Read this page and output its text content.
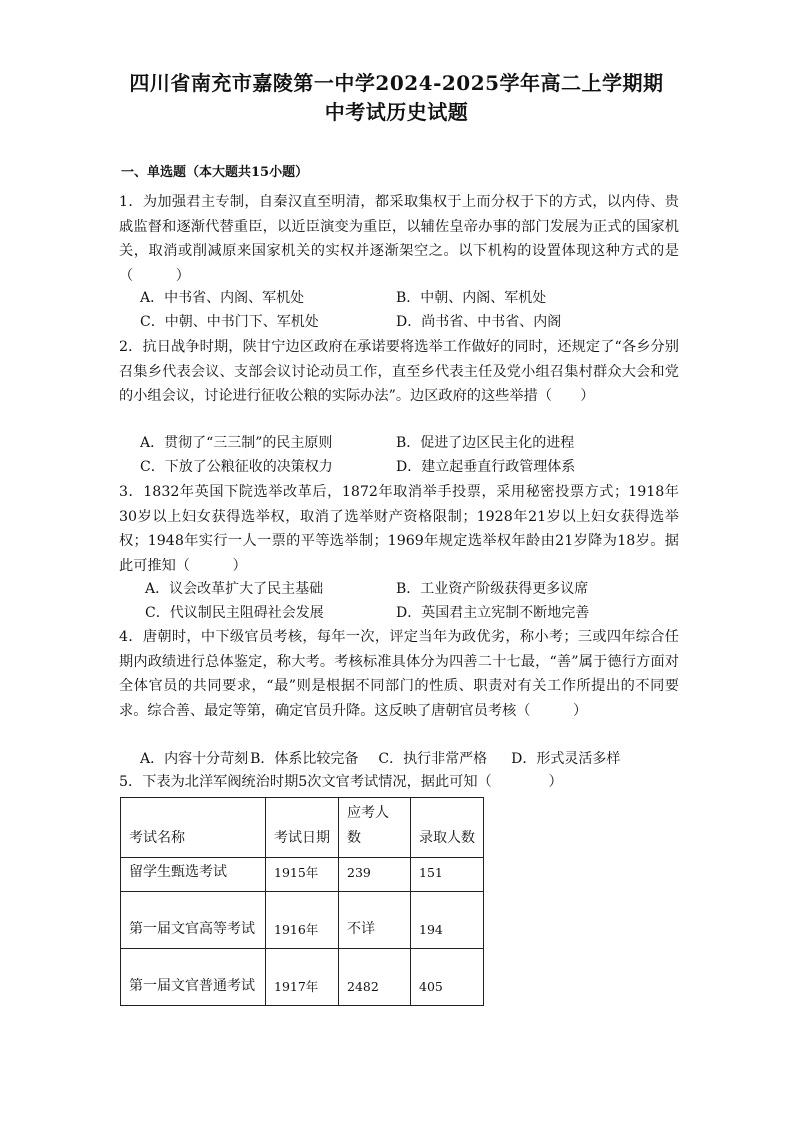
四川省南充市嘉陵第一中学2024-2025学年高二上学期期
中考试历史试题
一、单选题（本大题共15小题）

1．为加强君主专制，自秦汉直至明清，都采取集权于上而分权于下的方式，以内侍、贵戚监督和逐渐代替重臣，以近臣演变为重臣，以辅佐皇帝办事的部门发展为正式的国家机关，取消或削减原来国家机关的实权并逐渐架空之。以下机构的设置体现这种方式的是（　　　）

A．中书省、内阁、军机处	B．中朝、内阁、军机处
C．中朝、中书门下、军机处	D．尚书省、中书省、内阁

2．抗日战争时期，陕甘宁边区政府在承诺要将选举工作做好的同时，还规定了“各乡分别召集乡代表会议、支部会议讨论动员工作，直至乡代表主任及党小组召集村群众大会和党的小组会议，讨论进行征收公粮的实际办法”。边区政府的这些举措（　　）

A．贯彻了“三三制”的民主原则	B．促进了边区民主化的进程
C．下放了公粮征收的决策权力	D．建立起垂直行政管理体系

3．1832年英国下院选举改革后，1872年取消举手投票，采用秘密投票方式；1918年30岁以上妇女获得选举权，取消了选举财产资格限制；1928年21岁以上妇女获得选举权；1948年实行一人一票的平等选举制；1969年规定选举权年龄由21岁降为18岁。据此可推知（　　　）

A．议会改革扩大了民主基础	B．工业资产阶级获得更多议席
C．代议制民主阻碍社会发展	D．英国君主立宪制不断地完善

4．唐朝时，中下级官员考核，每年一次，评定当年为政优劣，称小考；三或四年综合任期内政绩进行总体鉴定，称大考。考核标准具体分为四善二十七最，“善”属于德行方面对全体官员的共同要求，“最”则是根据不同部门的性质、职责对有关工作所提出的不同要求。综合善、最定等第，确定官员升降。这反映了唐朝官员考核（　　　）

A．内容十分苛刻 B．体系比较完备 C．执行非常严格 D．形式灵活多样

5．下表为北洋军阀统治时期5次文官考试情况，据此可知（　　　　）

考试名称	考试日期	应考人数	录取人数
留学生甄选考试	1915年	239	151
第一届文官高等考试	1916年	不详	194
第一届文官普通考试	1917年	2482	405
